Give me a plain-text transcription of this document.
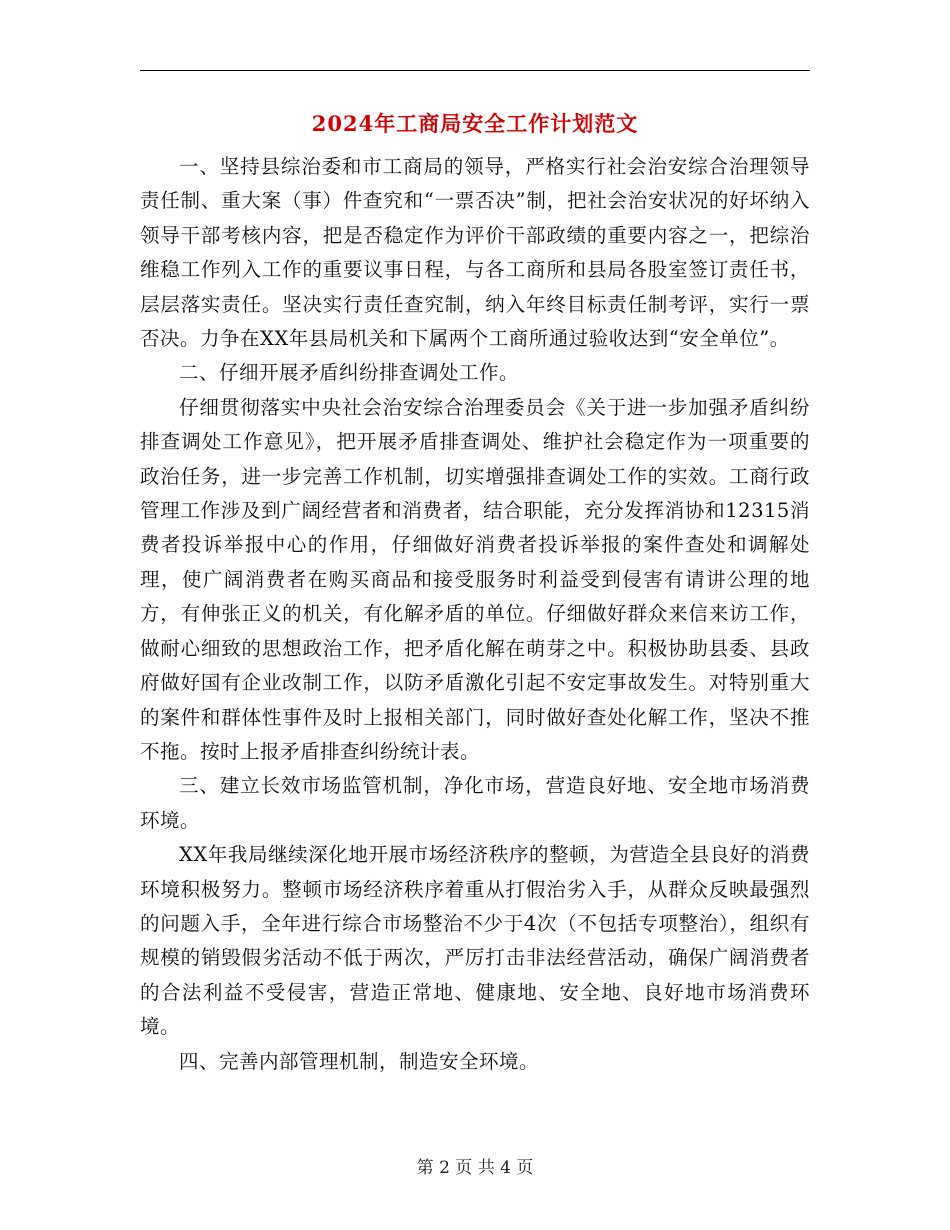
2024年工商局安全工作计划范文

一、坚持县综治委和市工商局的领导，严格实行社会治安综合治理领导责任制、重大案（事）件查究和“一票否决”制，把社会治安状况的好坏纳入领导干部考核内容，把是否稳定作为评价干部政绩的重要内容之一，把综治维稳工作列入工作的重要议事日程，与各工商所和县局各股室签订责任书，层层落实责任。坚决实行责任查究制，纳入年终目标责任制考评，实行一票否决。力争在XX年县局机关和下属两个工商所通过验收达到“安全单位”。

二、仔细开展矛盾纠纷排查调处工作。

仔细贯彻落实中央社会治安综合治理委员会《关于进一步加强矛盾纠纷排查调处工作意见》，把开展矛盾排查调处、维护社会稳定作为一项重要的政治任务，进一步完善工作机制，切实增强排查调处工作的实效。工商行政管理工作涉及到广阔经营者和消费者，结合职能，充分发挥消协和12315消费者投诉举报中心的作用，仔细做好消费者投诉举报的案件查处和调解处理，使广阔消费者在购买商品和接受服务时利益受到侵害有请讲公理的地方，有伸张正义的机关，有化解矛盾的单位。仔细做好群众来信来访工作，做耐心细致的思想政治工作，把矛盾化解在萌芽之中。积极协助县委、县政府做好国有企业改制工作，以防矛盾激化引起不安定事故发生。对特别重大的案件和群体性事件及时上报相关部门，同时做好查处化解工作，坚决不推不拖。按时上报矛盾排查纠纷统计表。

三、建立长效市场监管机制，净化市场，营造良好地、安全地市场消费环境。

XX年我局继续深化地开展市场经济秩序的整顿，为营造全县良好的消费环境积极努力。整顿市场经济秩序着重从打假治劣入手，从群众反映最强烈的问题入手，全年进行综合市场整治不少于4次（不包括专项整治），组织有规模的销毁假劣活动不低于两次，严厉打击非法经营活动，确保广阔消费者的合法利益不受侵害，营造正常地、健康地、安全地、良好地市场消费环境。

四、完善内部管理机制，制造安全环境。

第 2 页 共 4 页
